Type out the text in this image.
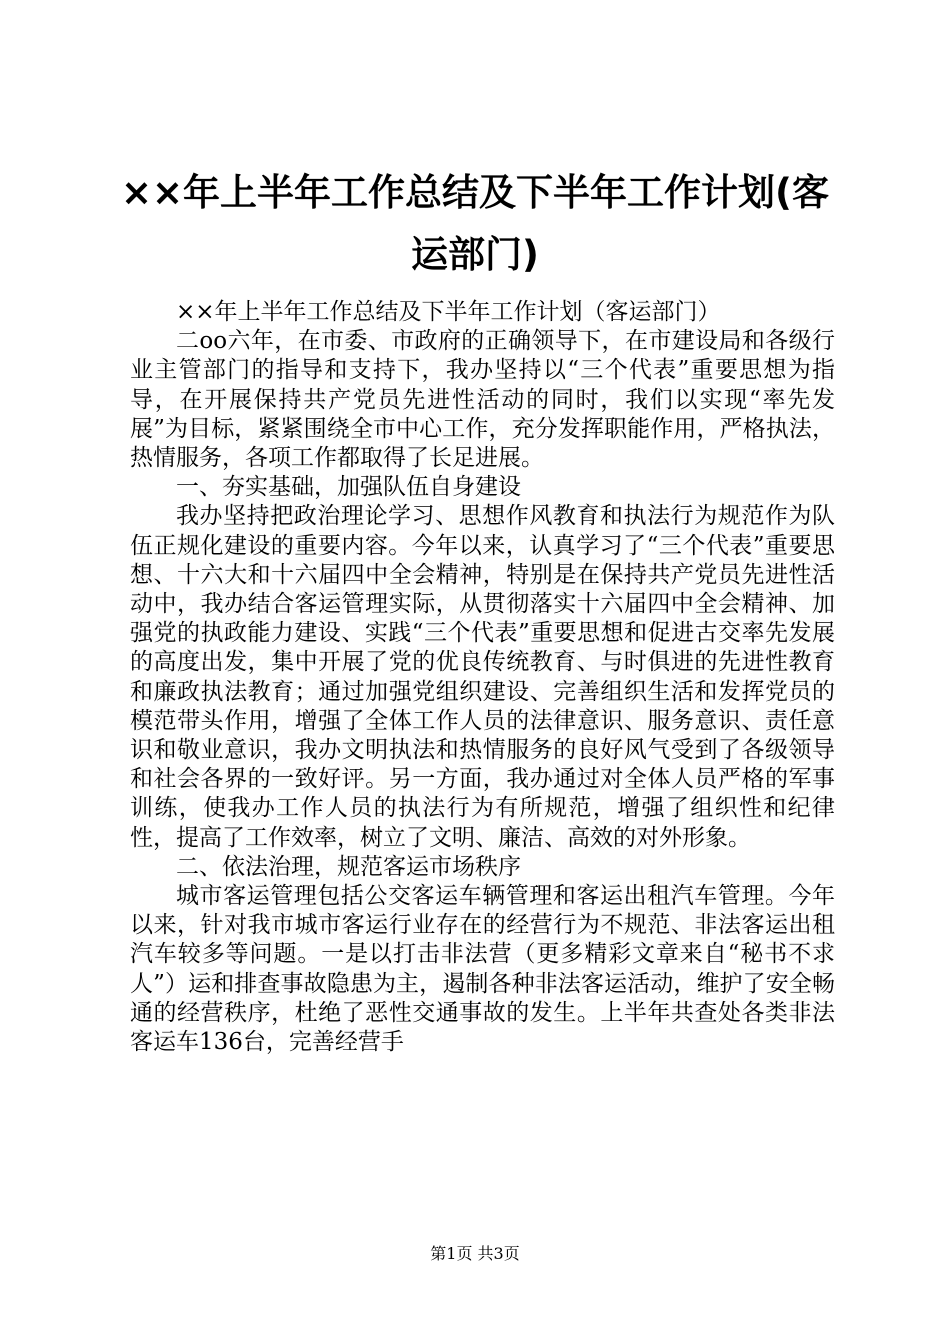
××年上半年工作总结及下半年工作计划(客运部门)

××年上半年工作总结及下半年工作计划（客运部门）

二oo六年，在市委、市政府的正确领导下，在市建设局和各级行业主管部门的指导和支持下，我办坚持以“三个代表”重要思想为指导，在开展保持共产党员先进性活动的同时，我们以实现“率先发展”为目标，紧紧围绕全市中心工作，充分发挥职能作用，严格执法，热情服务，各项工作都取得了长足进展。

一、夯实基础，加强队伍自身建设

我办坚持把政治理论学习、思想作风教育和执法行为规范作为队伍正规化建设的重要内容。今年以来，认真学习了“三个代表”重要思想、十六大和十六届四中全会精神，特别是在保持共产党员先进性活动中，我办结合客运管理实际，从贯彻落实十六届四中全会精神、加强党的执政能力建设、实践“三个代表”重要思想和促进古交率先发展的高度出发，集中开展了党的优良传统教育、与时俱进的先进性教育和廉政执法教育；通过加强党组织建设、完善组织生活和发挥党员的模范带头作用，增强了全体工作人员的法律意识、服务意识、责任意识和敬业意识，我办文明执法和热情服务的良好风气受到了各级领导和社会各界的一致好评。另一方面，我办通过对全体人员严格的军事训练，使我办工作人员的执法行为有所规范，增强了组织性和纪律性，提高了工作效率，树立了文明、廉洁、高效的对外形象。

二、依法治理，规范客运市场秩序

城市客运管理包括公交客运车辆管理和客运出租汽车管理。今年以来，针对我市城市客运行业存在的经营行为不规范、非法客运出租汽车较多等问题。一是以打击非法营（更多精彩文章来自“秘书不求人”）运和排查事故隐患为主，遏制各种非法客运活动，维护了安全畅通的经营秩序，杜绝了恶性交通事故的发生。上半年共查处各类非法客运车136台，完善经营手

第1页 共3页
